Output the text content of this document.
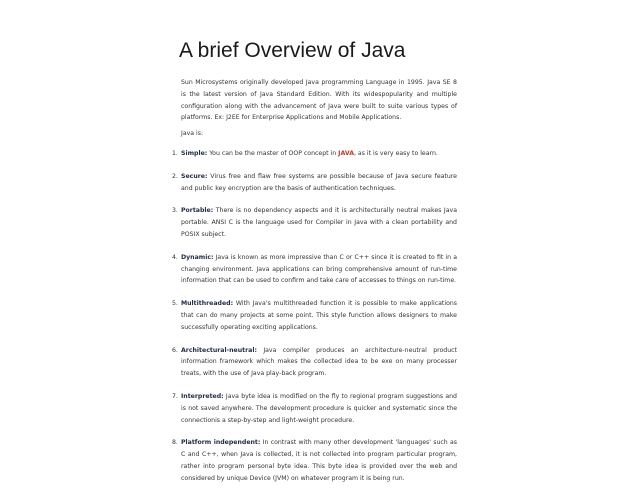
A brief Overview of Java

Sun Microsystems originally developed Java programming Language in 1995. Java SE 8 is the latest version of Java Standard Edition. With its widespopularity and multiple configuration along with the advancement of Java were built to suite various types of platforms. Ex: J2EE for Enterprise Applications and Mobile Applications.

Java is:

1. Simple: You can be the master of OOP concept in JAVA, as it is very easy to learn.
2. Secure: Virus free and flaw free systems are possible because of Java secure feature and public key encryption are the basis of authentication techniques.
3. Portable: There is no dependency aspects and it is architecturally neutral makes Java portable. ANSI C is the language used for Compiler in Java with a clean portability and POSIX subject.
4. Dynamic: Java is known as more impressive than C or C++ since it is created to fit in a changing environment. Java applications can bring comprehensive amount of run-time information that can be used to confirm and take care of accesses to things on run-time.
5. Multithreaded: With Java's multithreaded function it is possible to make applications that can do many projects at some point. This style function allows designers to make successfully operating exciting applications.
6. Architectural-neutral: Java compiler produces an architecture-neutral product information framework which makes the collected idea to be exe on many processer treats, with the use of Java play-back program.
7. Interpreted: Java byte idea is modified on the fly to regional program suggestions and is not saved anywhere. The development procedure is quicker and systematic since the connectionis a step-by-step and light-weight procedure.
8. Platform independent: In contrast with many other development 'languages' such as C and C++, when Java is collected, it is not collected into program particular program, rather into program personal byte idea. This byte idea is provided over the web and considered by unique Device (JVM) on whatever program it is being run.
